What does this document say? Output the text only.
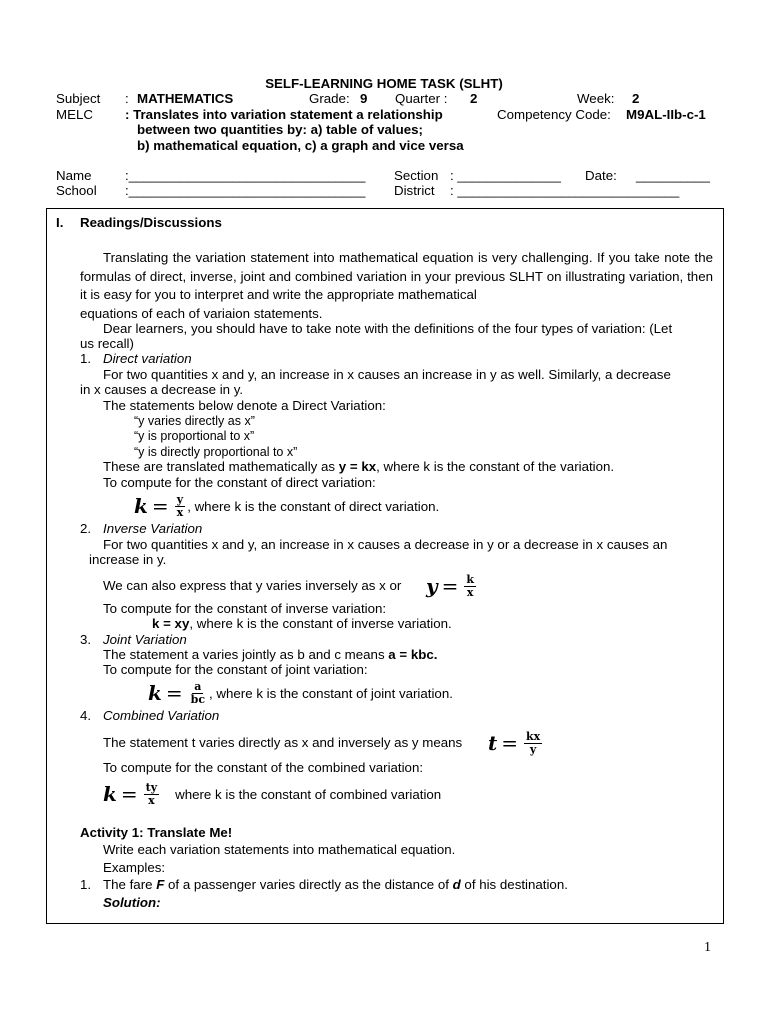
SELF-LEARNING HOME TASK (SLHT)
Subject : MATHEMATICS	Grade: 9 Quarter : 2	Week: 2
MELC : Translates into variation statement a relationship	Competency Code: M9AL-IIb-c-1
between two quantities by: a) table of values;
b) mathematical equation, c) a graph and vice versa
Name	:________________________________ Section : ______________ Date: __________
School :________________________________ District : ______________________________
I. Readings/Discussions
Translating the variation statement into mathematical equation is very challenging. If you take note the formulas of direct, inverse, joint and combined variation in your previous SLHT on illustrating variation, then it is easy for you to interpret and write the appropriate mathematical
equations of each of variaion statements.
Dear learners, you should have to take note with the definitions of the four types of variation: (Let
us recall)
1. Direct variation
For two quantities x and y, an increase in x causes an increase in y as well. Similarly, a decrease
in x causes a decrease in y.
The statements below denote a Direct Variation:
“y varies directly as x”
“y is proportional to x”
“y is directly proportional to x”
These are translated mathematically as y = kx, where k is the constant of the variation.
To compute for the constant of direct variation:
$k = \frac{y}{x}$ , where k is the constant of direct variation.
2. Inverse Variation
For two quantities x and y, an increase in x causes a decrease in y or a decrease in x causes an
increase in y.
We can also express that y varies inversely as x or $y = \frac{k}{x}$
To compute for the constant of inverse variation:
k = xy, where k is the constant of inverse variation.
3. Joint Variation
The statement a varies jointly as b and c means a = kbc.
To compute for the constant of joint variation:
$k = \frac{a}{bc}$ , where k is the constant of joint variation.
4. Combined Variation
The statement t varies directly as x and inversely as y means $t = \frac{kx}{y}$
To compute for the constant of the combined variation:
$k = \frac{ty}{x}$ where k is the constant of combined variation
Activity 1: Translate Me!
Write each variation statements into mathematical equation.
Examples:
1. The fare F of a passenger varies directly as the distance of d of his destination.
Solution:
1
